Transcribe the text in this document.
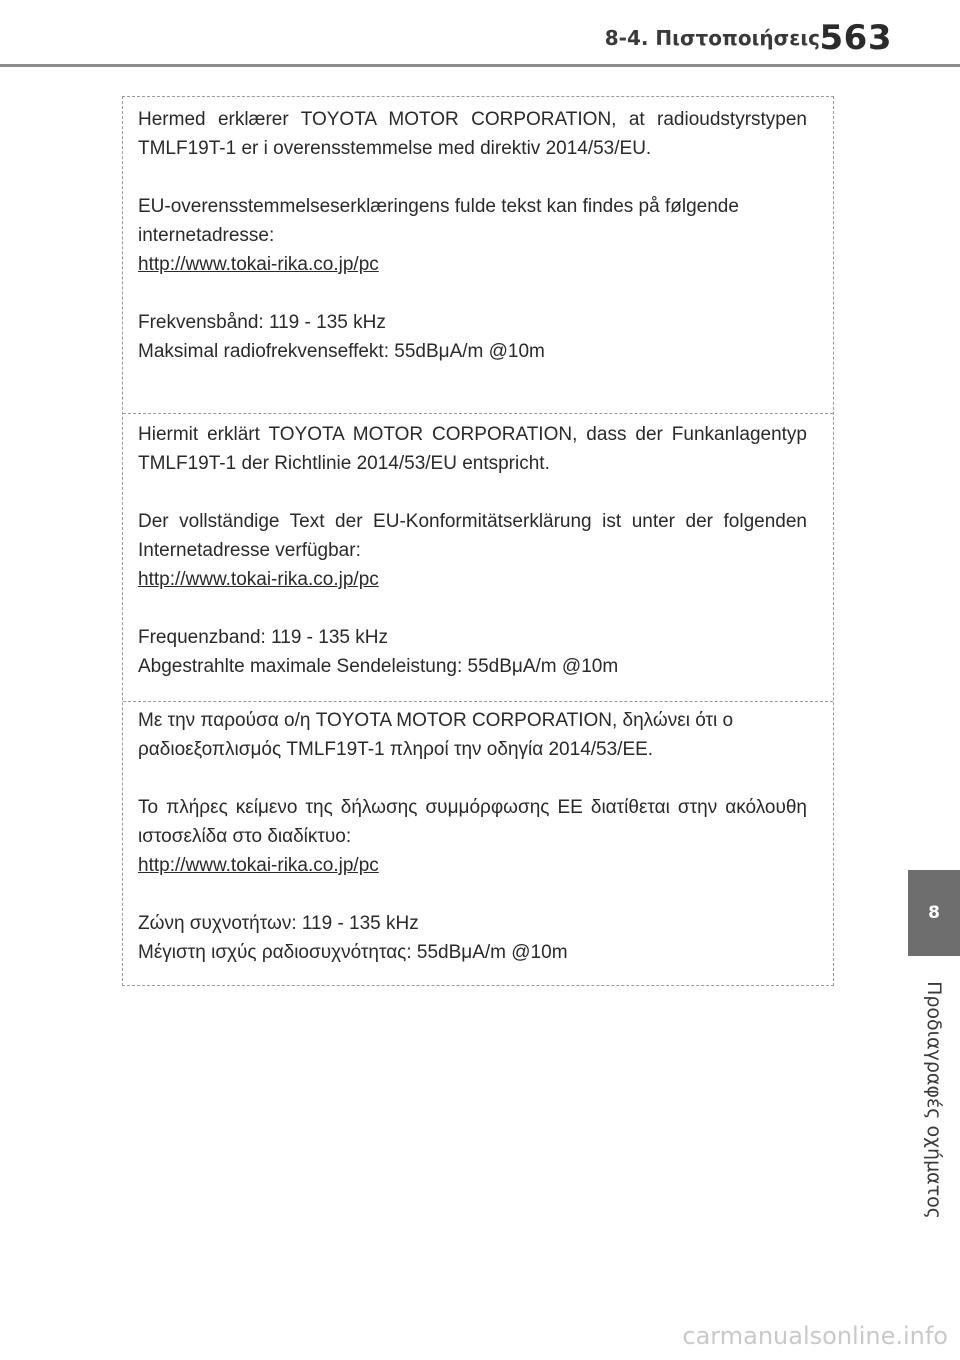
8-4. Πιστοποιήσεις 563

Hermed erklærer TOYOTA MOTOR CORPORATION, at radioudstyrstypen TMLF19T-1 er i overensstemmelse med direktiv 2014/53/EU.

EU-overensstemmelseserklæringens fulde tekst kan findes på følgende internetadresse:

http://www.tokai-rika.co.jp/pc

Frekvensbånd: 119 - 135 kHz

Maksimal radiofrekvenseffekt: 55dBμA/m @10m

Hiermit erklärt TOYOTA MOTOR CORPORATION, dass der Funkanlagentyp TMLF19T-1 der Richtlinie 2014/53/EU entspricht.

Der vollständige Text der EU-Konformitätserklärung ist unter der folgenden Internetadresse verfügbar:

http://www.tokai-rika.co.jp/pc

Frequenzband: 119 - 135 kHz

Abgestrahlte maximale Sendeleistung: 55dBμA/m @10m

Με την παρούσα ο/η TOYOTA MOTOR CORPORATION, δηλώνει ότι ο ραδιοεξοπλισμός TMLF19T-1 πληροί την οδηγία 2014/53/ΕΕ.

Το πλήρες κείμενο της δήλωσης συμμόρφωσης ΕΕ διατίθεται στην ακόλουθη ιστοσελίδα στο διαδίκτυο:

http://www.tokai-rika.co.jp/pc

Ζώνη συχνοτήτων: 119 - 135 kHz

Μέγιστη ισχύς ραδιοσυχνότητας: 55dBμA/m @10m

8
Προδιαγραφές οχήματος
carmanualsonline.info
